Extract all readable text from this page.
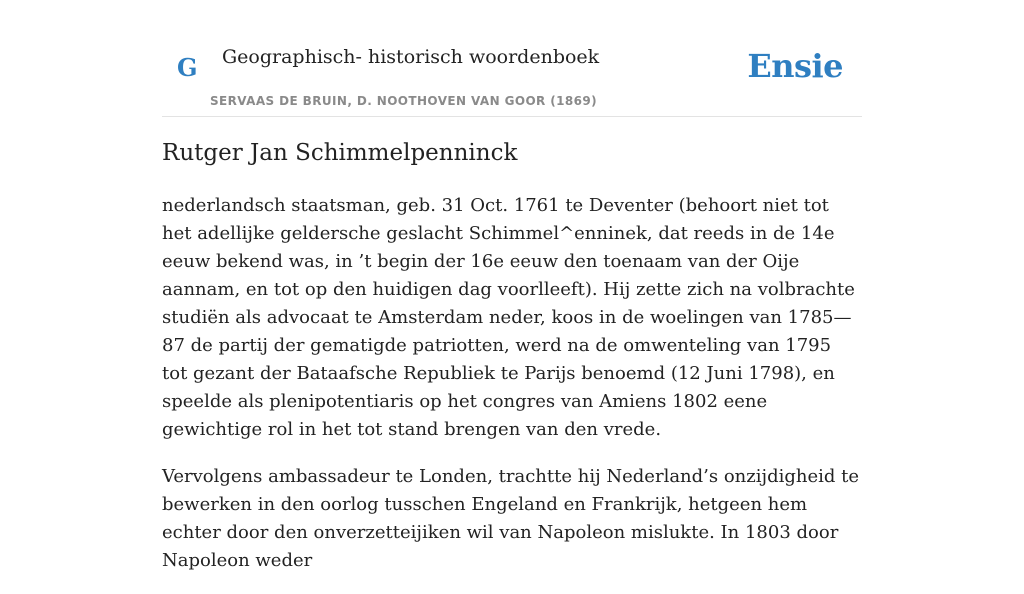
G Geographisch- historisch woordenboek
SERVAAS DE BRUIN, D. NOOTHOVEN VAN GOOR (1869)
Ensie
Rutger Jan Schimmelpenninck

nederlandsch staatsman, geb. 31 Oct. 1761 te Deventer (behoort niet tot het adellijke geldersche geslacht Schimmel^enninek, dat reeds in de 14e eeuw bekend was, in ’t begin der 16e eeuw den toenaam van der Oije aannam, en tot op den huidigen dag voorlleeft). Hij zette zich na volbrachte studiën als advocaat te Amsterdam neder, koos in de woelingen van 1785—87 de partij der gematigde patriotten, werd na de omwenteling van 1795 tot gezant der Bataafsche Republiek te Parijs benoemd (12 Juni 1798), en speelde als plenipotentiaris op het congres van Amiens 1802 eene gewichtige rol in het tot stand brengen van den vrede.

Vervolgens ambassadeur te Londen, trachtte hij Nederland’s onzijdigheid te bewerken in den oorlog tusschen Engeland en Frankrijk, hetgeen hem echter door den onverzetteijiken wil van Napoleon mislukte. In 1803 door Napoleon weder
